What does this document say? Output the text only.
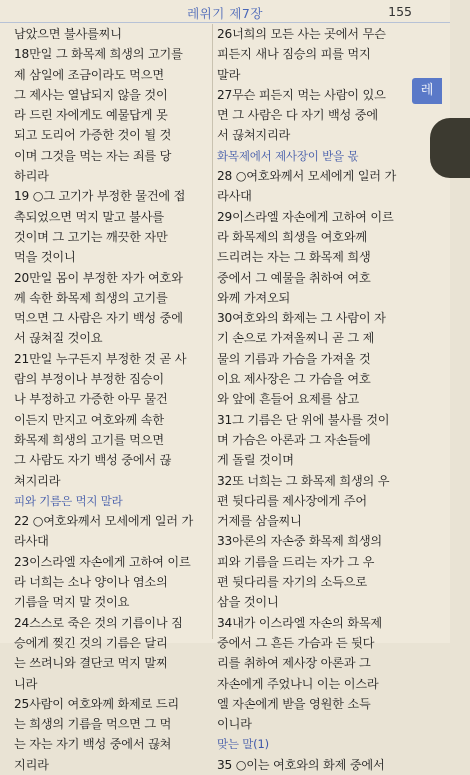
레위기 제7장	155
남았으면 불사를찌니
18만일 그 화목제 희생의 고기를
제 삼일에 조금이라도 먹으면
그 제사는 열납되지 않을 것이
라 드린 자에게도 예물답게 못
되고 도리어 가증한 것이 될 것
이며 그것을 먹는 자는 죄를 당
하리라
19 ○그 고기가 부정한 물건에 접
촉되었으면 먹지 말고 불사를
것이며 그 고기는 깨끗한 자만
먹을 것이니
20만일 몸이 부정한 자가 여호와
께 속한 화목제 희생의 고기를
먹으면 그 사람은 자기 백성 중에
서 끊쳐질 것이요
21만일 누구든지 부정한 것 곧 사
람의 부정이나 부정한 짐승이
나 부정하고 가증한 아무 물건
이든지 만지고 여호와께 속한
화목제 희생의 고기를 먹으면
그 사람도 자기 백성 중에서 끊
쳐지리라
피와 기름은 먹지 말라
22 ○여호와께서 모세에게 일러 가
라사대
23이스라엘 자손에게 고하여 이르
라 너희는 소나 양이나 염소의
기름을 먹지 말 것이요
24스스로 죽은 것의 기름이나 짐
승에게 찢긴 것의 기름은 달리
는 쓰려니와 결단코 먹지 말찌
니라
25사람이 여호와께 화제로 드리
는 희생의 기름을 먹으면 그 먹
는 자는 자기 백성 중에서 끊쳐
지리라
26너희의 모든 사는 곳에서 무슨
피든지 새나 짐승의 피를 먹지
말라
27무슨 피든지 먹는 사람이 있으
면 그 사람은 다 자기 백성 중에
서 끊쳐지리라
화목제에서 제사장이 받을 몫
28 ○여호와께서 모세에게 일러 가
라사대
29이스라엘 자손에게 고하여 이르
라 화목제의 희생을 여호와께
드리려는 자는 그 화목제 희생
중에서 그 예물을 취하여 여호
와께 가져오되
30여호와의 화제는 그 사람이 자
기 손으로 가져올찌니 곧 그 제
물의 기름과 가슴을 가져올 것
이요 제사장은 그 가슴을 여호
와 앞에 흔들어 요제를 삼고
31그 기름은 단 위에 불사를 것이
며 가슴은 아론과 그 자손들에
게 돌릴 것이며
32또 너희는 그 화목제 희생의 우
편 뒷다리를 제사장에게 주어
거제를 삼을찌니
33아론의 자손중 화목제 희생의
피와 기름을 드리는 자가 그 우
편 뒷다리를 자기의 소득으로
삼을 것이니
34내가 이스라엘 자손의 화목제
중에서 그 흔든 가슴과 든 뒷다
리를 취하여 제사장 아론과 그
자손에게 주었나니 이는 이스라
엘 자손에게 받을 영원한 소득
이니라
맞는 말(1)
35 ○이는 여호와의 화제 중에서
레
